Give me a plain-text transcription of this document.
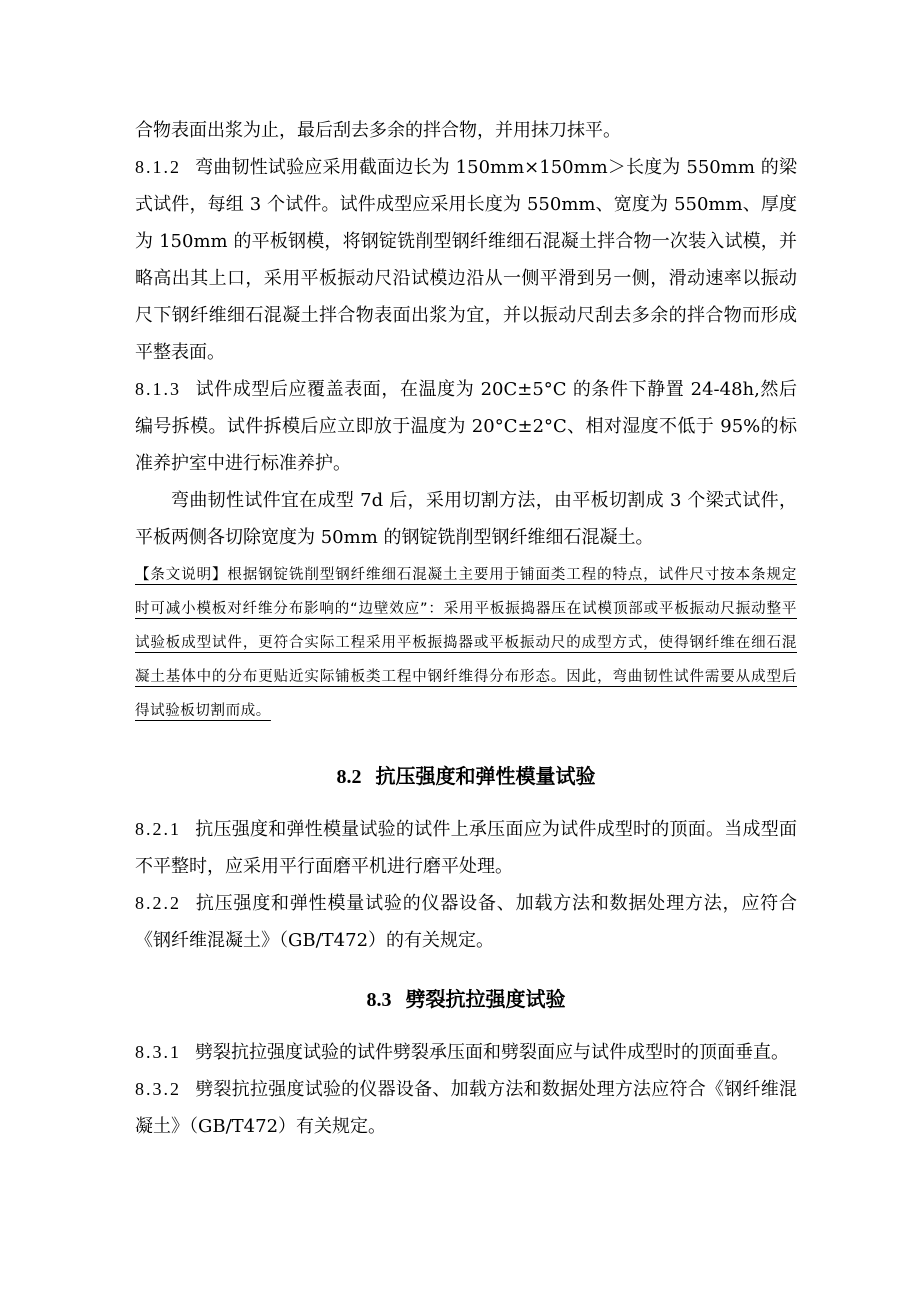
合物表面出浆为止，最后刮去多余的拌合物，并用抹刀抹平。

8.1.2 弯曲韧性试验应采用截面边长为 150mm×150mm＞长度为 550mm 的梁式试件，每组 3 个试件。试件成型应采用长度为 550mm、宽度为 550mm、厚度为 150mm 的平板钢模，将钢锭铣削型钢纤维细石混凝土拌合物一次装入试模，并略高出其上口，采用平板振动尺沿试模边沿从一侧平滑到另一侧，滑动速率以振动尺下钢纤维细石混凝土拌合物表面出浆为宜，并以振动尺刮去多余的拌合物而形成平整表面。

8.1.3 试件成型后应覆盖表面，在温度为 20C±5°C 的条件下静置 24-48h,然后编号拆模。试件拆模后应立即放于温度为 20°C±2°C、相对湿度不低于 95%的标准养护室中进行标准养护。

弯曲韧性试件宜在成型 7d 后，采用切割方法，由平板切割成 3 个梁式试件，平板两侧各切除宽度为 50mm 的钢锭铣削型钢纤维细石混凝土。

【条文说明】根据钢锭铣削型钢纤维细石混凝土主要用于铺面类工程的特点，试件尺寸按本条规定时可减小模板对纤维分布影响的“边壁效应”：采用平板振捣器压在试模顶部或平板振动尺振动整平试验板成型试件，更符合实际工程采用平板振捣器或平板振动尺的成型方式，使得钢纤维在细石混凝土基体中的分布更贴近实际铺板类工程中钢纤维得分布形态。因此，弯曲韧性试件需要从成型后得试验板切割而成。

8.2 抗压强度和弹性模量试验

8.2.1 抗压强度和弹性模量试验的试件上承压面应为试件成型时的顶面。当成型面不平整时，应采用平行面磨平机进行磨平处理。

8.2.2 抗压强度和弹性模量试验的仪器设备、加载方法和数据处理方法，应符合《钢纤维混凝土》（GB/T472）的有关规定。

8.3 劈裂抗拉强度试验

8.3.1 劈裂抗拉强度试验的试件劈裂承压面和劈裂面应与试件成型时的顶面垂直。

8.3.2 劈裂抗拉强度试验的仪器设备、加载方法和数据处理方法应符合《钢纤维混凝土》（GB/T472）有关规定。
